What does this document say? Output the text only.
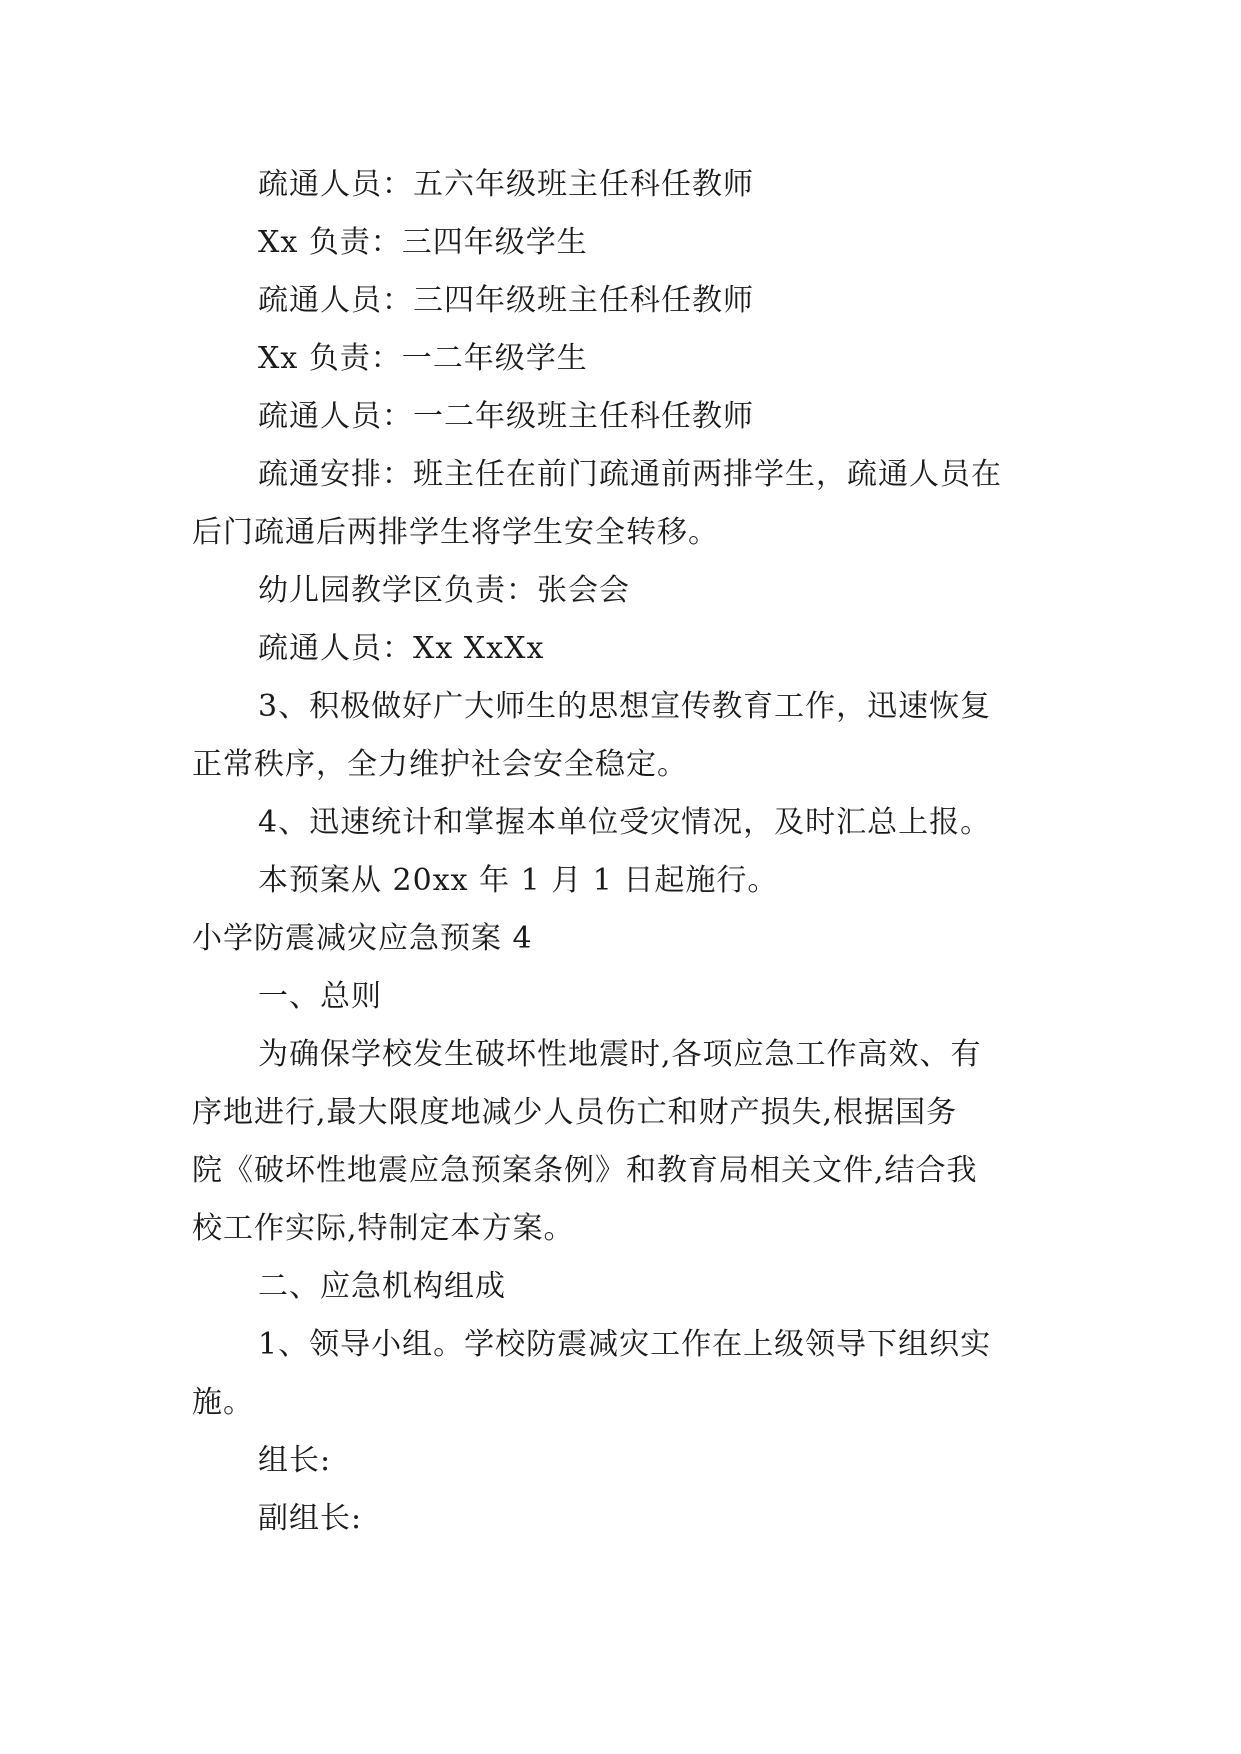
疏通人员：五六年级班主任科任教师
Xx 负责：三四年级学生
疏通人员：三四年级班主任科任教师
Xx 负责：一二年级学生
疏通人员：一二年级班主任科任教师
疏通安排：班主任在前门疏通前两排学生，疏通人员在
后门疏通后两排学生将学生安全转移。
幼儿园教学区负责：张会会
疏通人员：Xx XxXx
3、积极做好广大师生的思想宣传教育工作，迅速恢复
正常秩序，全力维护社会安全稳定。
4、迅速统计和掌握本单位受灾情况，及时汇总上报。
本预案从 20xx 年 1 月 1 日起施行。
小学防震减灾应急预案 4
一、总则
为确保学校发生破坏性地震时,各项应急工作高效、有
序地进行,最大限度地减少人员伤亡和财产损失,根据国务
院《破坏性地震应急预案条例》和教育局相关文件,结合我
校工作实际,特制定本方案。
二、应急机构组成
1、领导小组。学校防震减灾工作在上级领导下组织实
施。
组长:
副组长:
